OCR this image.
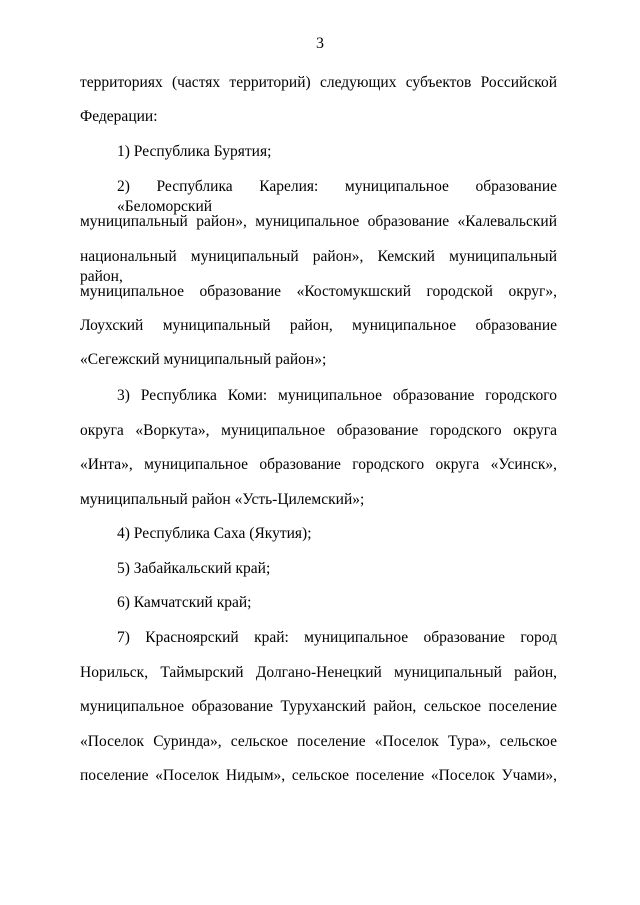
3
территориях (частях территорий) следующих субъектов Российской
Федерации:
1) Республика Бурятия;
2) Республика Карелия: муниципальное образование «Беломорский
муниципальный район», муниципальное образование «Калевальский
национальный муниципальный район», Кемский муниципальный район,
муниципальное образование «Костомукшский городской округ»,
Лоухский муниципальный район, муниципальное образование
«Сегежский муниципальный район»;
3) Республика Коми: муниципальное образование городского
округа «Воркута», муниципальное образование городского округа
«Инта», муниципальное образование городского округа «Усинск»,
муниципальный район «Усть-Цилемский»;
4) Республика Саха (Якутия);
5) Забайкальский край;
6) Камчатский край;
7) Красноярский край: муниципальное образование город
Норильск, Таймырский Долгано-Ненецкий муниципальный район,
муниципальное образование Туруханский район, сельское поселение
«Поселок Суринда», сельское поселение «Поселок Тура», сельское
поселение «Поселок Нидым», сельское поселение «Поселок Учами»,
